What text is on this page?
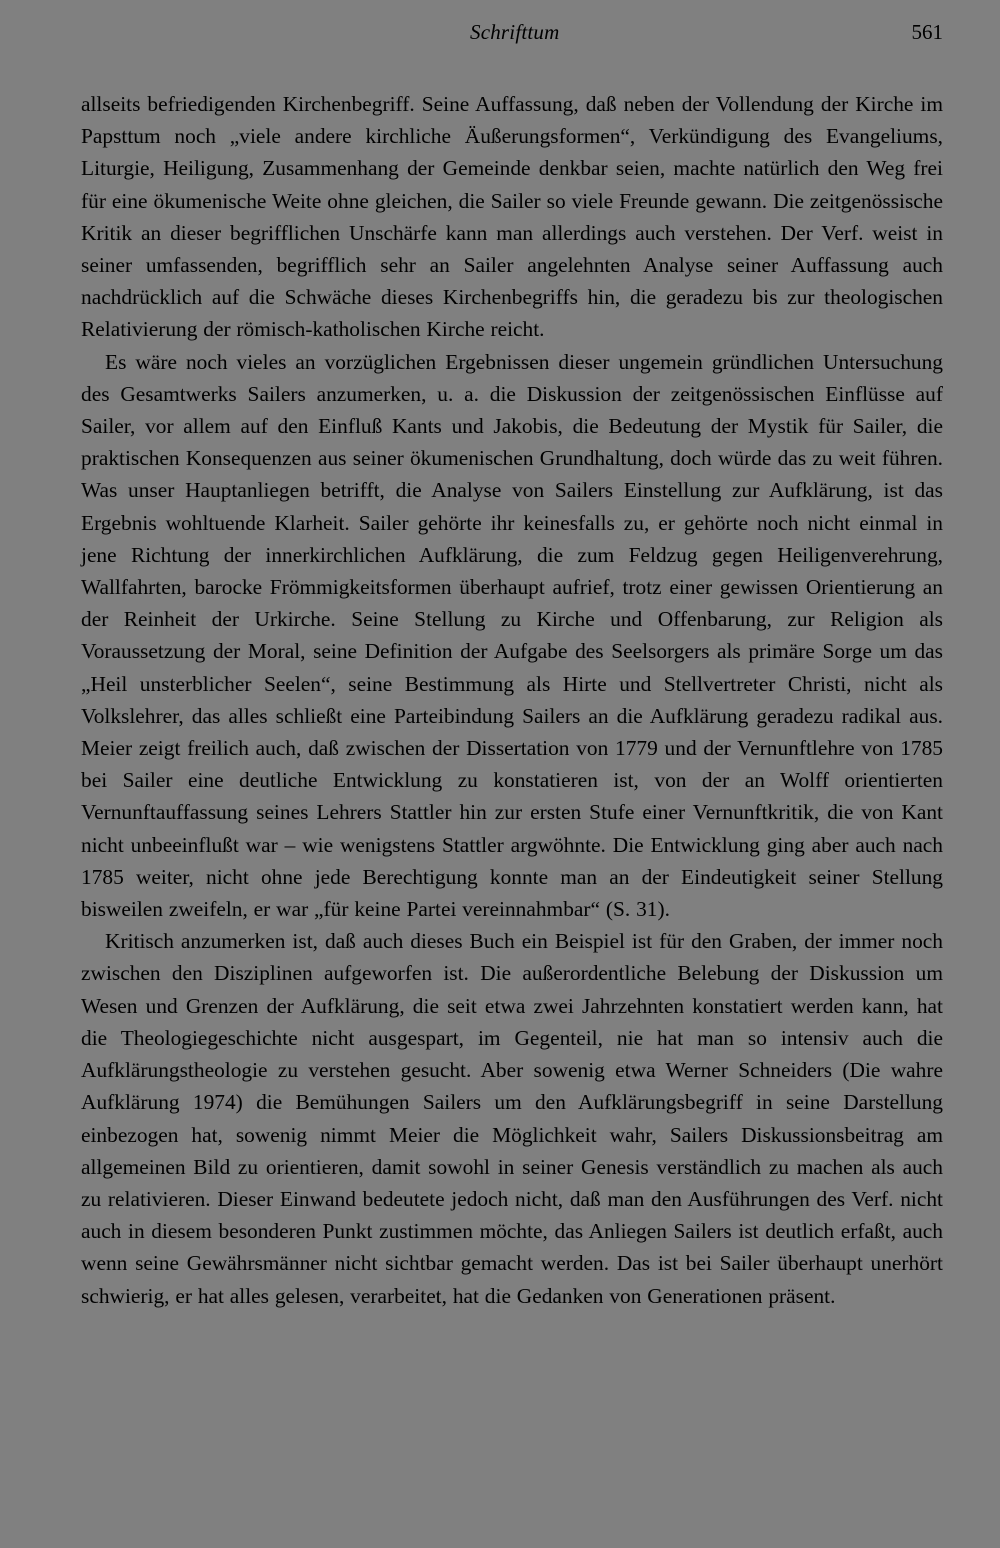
Schrifttum	561

allseits befriedigenden Kirchenbegriff. Seine Auffassung, daß neben der Vollendung der Kirche im Papsttum noch „viele andere kirchliche Äußerungsformen“, Verkündigung des Evangeliums, Liturgie, Heiligung, Zusammenhang der Gemeinde denkbar seien, machte natürlich den Weg frei für eine ökumenische Weite ohne gleichen, die Sailer so viele Freunde gewann. Die zeitgenössische Kritik an dieser begrifflichen Unschärfe kann man allerdings auch verstehen. Der Verf. weist in seiner umfassenden, begrifflich sehr an Sailer angelehnten Analyse seiner Auffassung auch nachdrücklich auf die Schwäche dieses Kirchenbegriffs hin, die geradezu bis zur theologischen Relativierung der römisch-katholischen Kirche reicht.

Es wäre noch vieles an vorzüglichen Ergebnissen dieser ungemein gründlichen Untersuchung des Gesamtwerks Sailers anzumerken, u. a. die Diskussion der zeitgenössischen Einflüsse auf Sailer, vor allem auf den Einfluß Kants und Jakobis, die Bedeutung der Mystik für Sailer, die praktischen Konsequenzen aus seiner ökumenischen Grundhaltung, doch würde das zu weit führen. Was unser Hauptanliegen betrifft, die Analyse von Sailers Einstellung zur Aufklärung, ist das Ergebnis wohltuende Klarheit. Sailer gehörte ihr keinesfalls zu, er gehörte noch nicht einmal in jene Richtung der innerkirchlichen Aufklärung, die zum Feldzug gegen Heiligenverehrung, Wallfahrten, barocke Frömmigkeitsformen überhaupt aufrief, trotz einer gewissen Orientierung an der Reinheit der Urkirche. Seine Stellung zu Kirche und Offenbarung, zur Religion als Voraussetzung der Moral, seine Definition der Aufgabe des Seelsorgers als primäre Sorge um das „Heil unsterblicher Seelen“, seine Bestimmung als Hirte und Stellvertreter Christi, nicht als Volkslehrer, das alles schließt eine Parteibindung Sailers an die Aufklärung geradezu radikal aus. Meier zeigt freilich auch, daß zwischen der Dissertation von 1779 und der Vernunftlehre von 1785 bei Sailer eine deutliche Entwicklung zu konstatieren ist, von der an Wolff orientierten Vernunftauffassung seines Lehrers Stattler hin zur ersten Stufe einer Vernunftkritik, die von Kant nicht unbeeinflußt war – wie wenigstens Stattler argwöhnte. Die Entwicklung ging aber auch nach 1785 weiter, nicht ohne jede Berechtigung konnte man an der Eindeutigkeit seiner Stellung bisweilen zweifeln, er war „für keine Partei vereinnahmbar“ (S. 31).

Kritisch anzumerken ist, daß auch dieses Buch ein Beispiel ist für den Graben, der immer noch zwischen den Disziplinen aufgeworfen ist. Die außerordentliche Belebung der Diskussion um Wesen und Grenzen der Aufklärung, die seit etwa zwei Jahrzehnten konstatiert werden kann, hat die Theologiegeschichte nicht ausgespart, im Gegenteil, nie hat man so intensiv auch die Aufklärungstheologie zu verstehen gesucht. Aber sowenig etwa Werner Schneiders (Die wahre Aufklärung 1974) die Bemühungen Sailers um den Aufklärungsbegriff in seine Darstellung einbezogen hat, sowenig nimmt Meier die Möglichkeit wahr, Sailers Diskussionsbeitrag am allgemeinen Bild zu orientieren, damit sowohl in seiner Genesis verständlich zu machen als auch zu relativieren. Dieser Einwand bedeutete jedoch nicht, daß man den Ausführungen des Verf. nicht auch in diesem besonderen Punkt zustimmen möchte, das Anliegen Sailers ist deutlich erfaßt, auch wenn seine Gewährsmänner nicht sichtbar gemacht werden. Das ist bei Sailer überhaupt unerhört schwierig, er hat alles gelesen, verarbeitet, hat die Gedanken von Generationen präsent.
